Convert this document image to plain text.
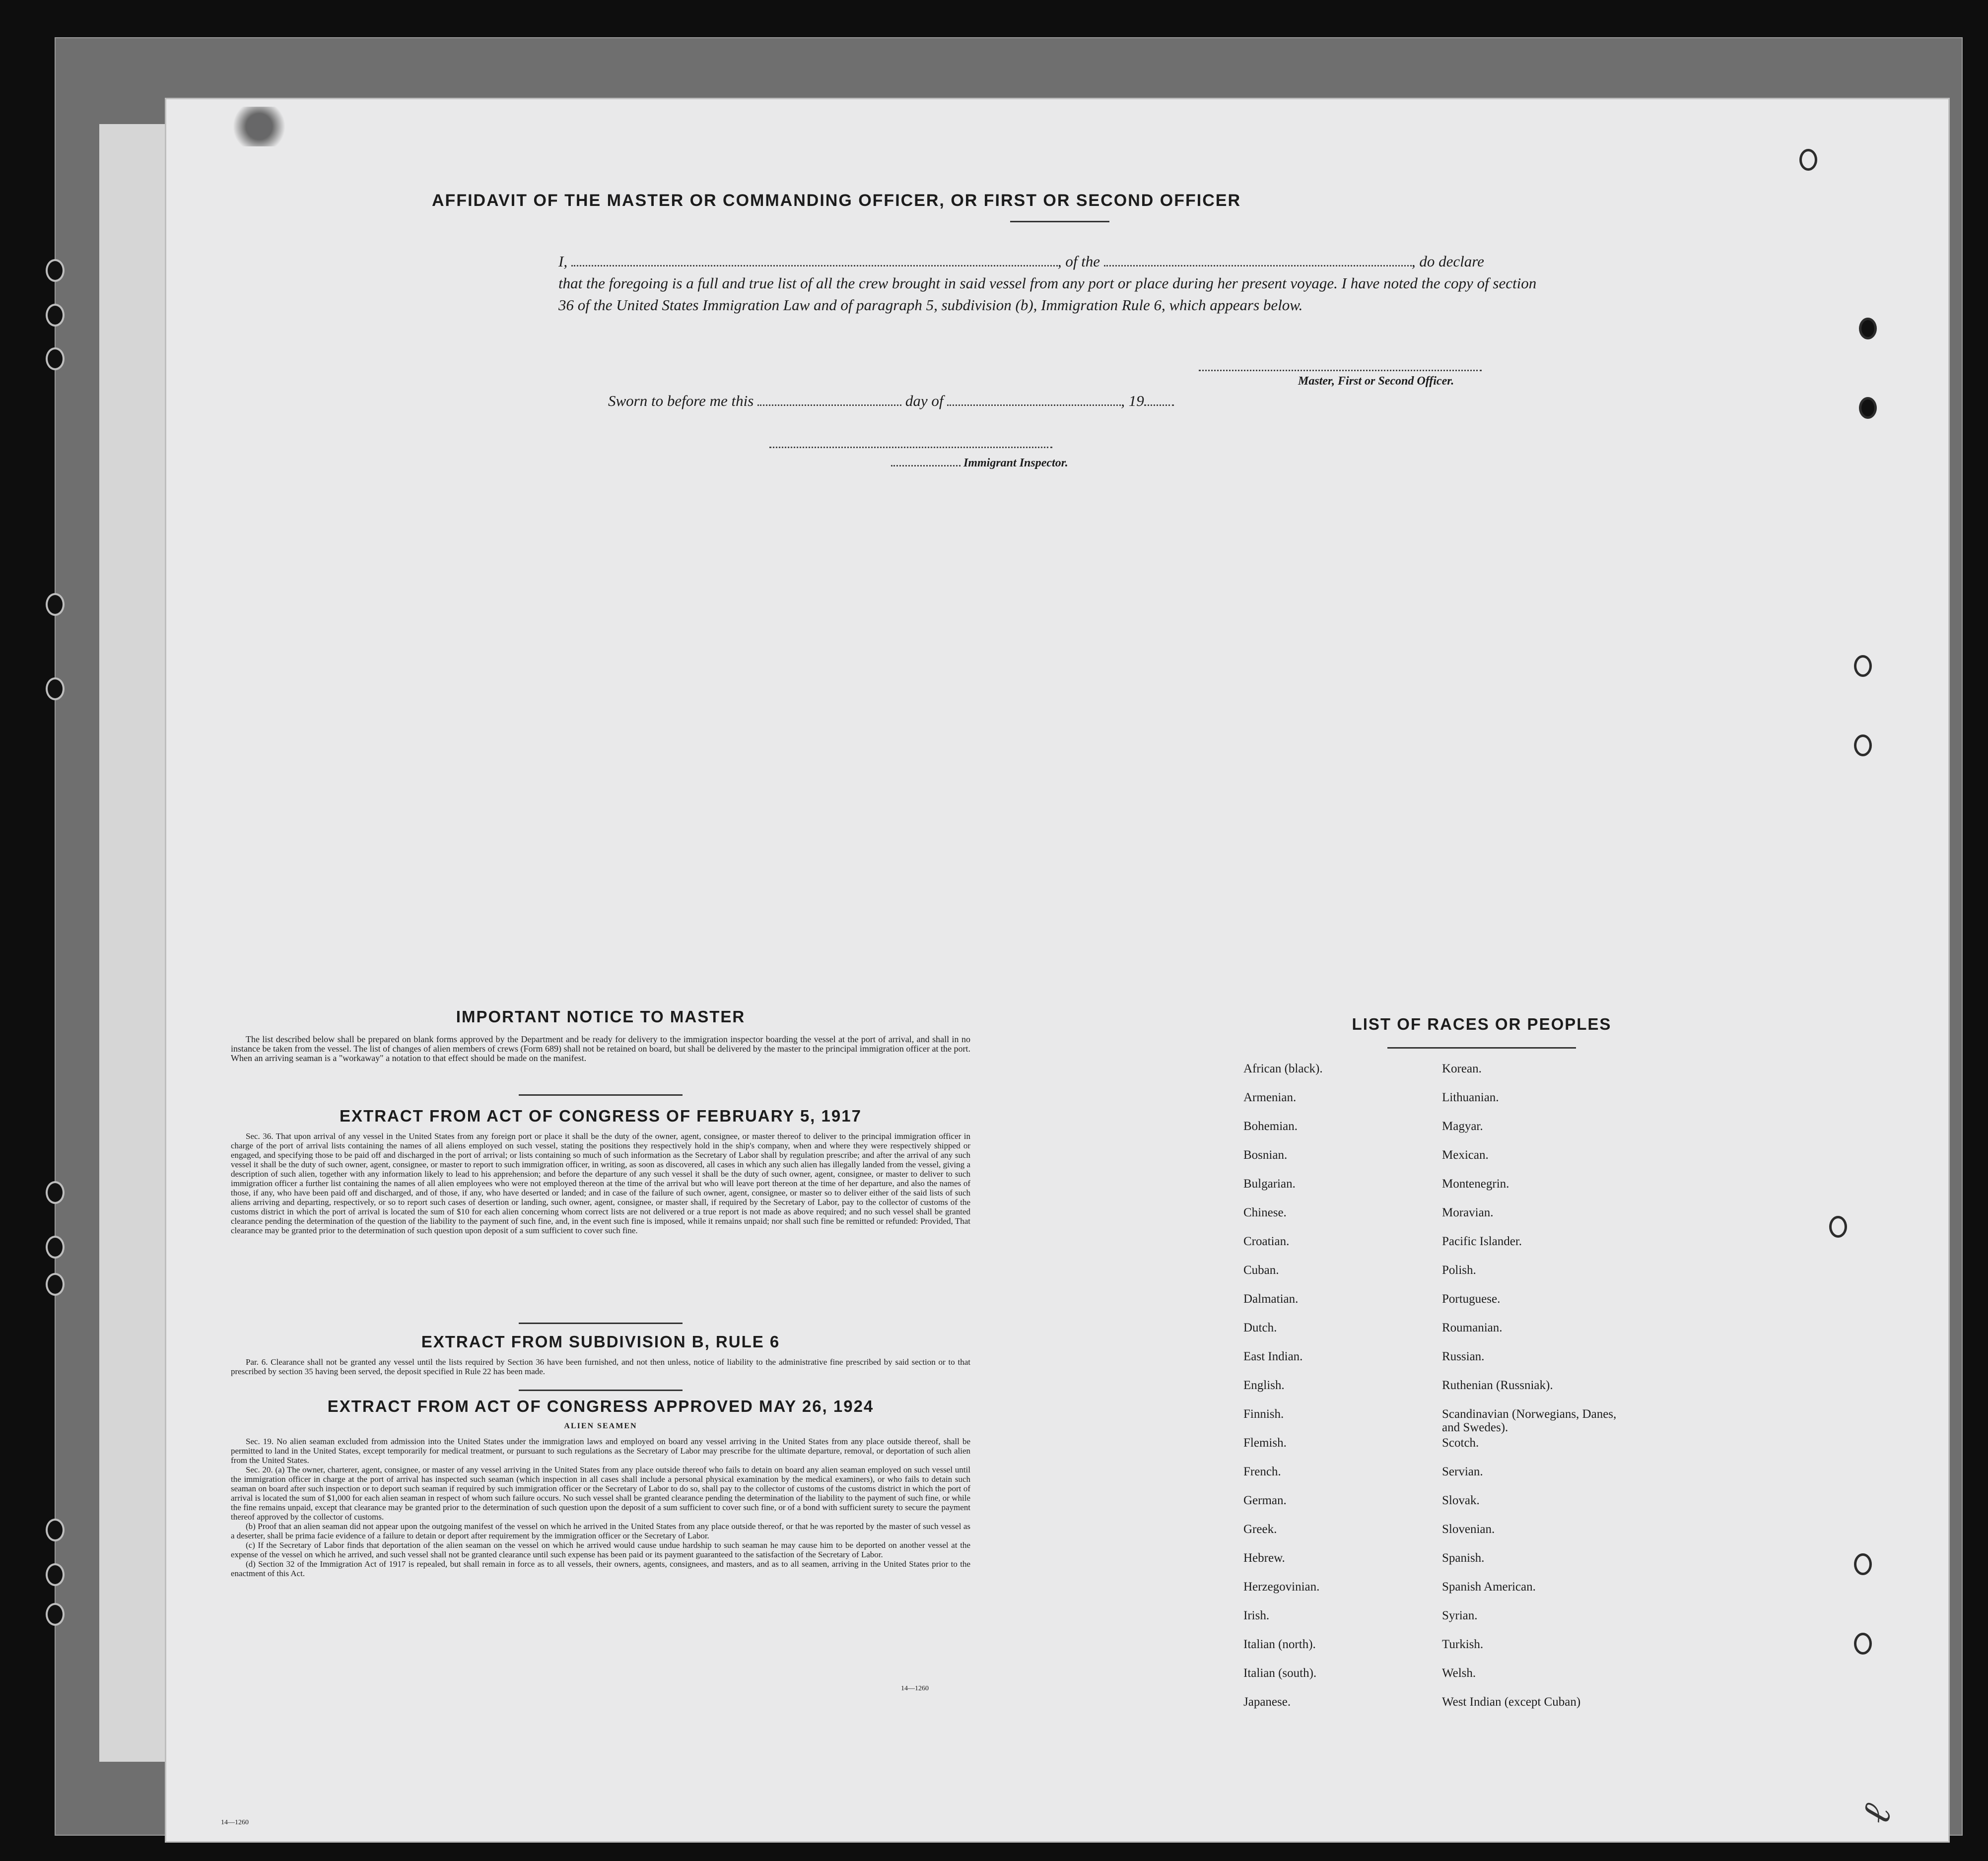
AFFIDAVIT OF THE MASTER OR COMMANDING OFFICER, OR FIRST OR SECOND OFFICER
I,	, of the	, do declare
that the foregoing is a full and true list of all the crew brought in said vessel from any port or place during her present voyage. I have noted the copy of section 36 of the United States Immigration Law and of paragraph 5, subdivision (b), Immigration Rule 6, which appears below.
Master, First or Second Officer.
Sworn to before me this	day of	, 19
Immigrant Inspector.
IMPORTANT NOTICE TO MASTER

The list described below shall be prepared on blank forms approved by the Department and be ready for delivery to the immigration inspector boarding the vessel at the port of arrival, and shall in no instance be taken from the vessel. The list of changes of alien members of crews (Form 689) shall not be retained on board, but shall be delivered by the master to the principal immigration officer at the port. When an arriving seaman is a "workaway" a notation to that effect should be made on the manifest.

EXTRACT FROM ACT OF CONGRESS OF FEBRUARY 5, 1917

Sec. 36. That upon arrival of any vessel in the United States from any foreign port or place it shall be the duty of the owner, agent, consignee, or master thereof to deliver to the principal immigration officer in charge of the port of arrival lists containing the names of all aliens employed on such vessel, stating the positions they respectively hold in the ship's company, when and where they were respectively shipped or engaged, and specifying those to be paid off and discharged in the port of arrival; or lists containing so much of such information as the Secretary of Labor shall by regulation prescribe; and after the arrival of any such vessel it shall be the duty of such owner, agent, consignee, or master to report to such immigration officer, in writing, as soon as discovered, all cases in which any such alien has illegally landed from the vessel, giving a description of such alien, together with any information likely to lead to his apprehension; and before the departure of any such vessel it shall be the duty of such owner, agent, consignee, or master to deliver to such immigration officer a further list containing the names of all alien employees who were not employed thereon at the time of the arrival but who will leave port thereon at the time of her departure, and also the names of those, if any, who have been paid off and discharged, and of those, if any, who have deserted or landed; and in case of the failure of such owner, agent, consignee, or master so to deliver either of the said lists of such aliens arriving and departing, respectively, or so to report such cases of desertion or landing, such owner, agent, consignee, or master shall, if required by the Secretary of Labor, pay to the collector of customs of the customs district in which the port of arrival is located the sum of $10 for each alien concerning whom correct lists are not delivered or a true report is not made as above required; and no such vessel shall be granted clearance pending the determination of the question of the liability to the payment of such fine, and, in the event such fine is imposed, while it remains unpaid; nor shall such fine be remitted or refunded: Provided, That clearance may be granted prior to the determination of such question upon deposit of a sum sufficient to cover such fine.

EXTRACT FROM SUBDIVISION B, RULE 6

Par. 6. Clearance shall not be granted any vessel until the lists required by Section 36 have been furnished, and not then unless, notice of liability to the administrative fine prescribed by said section or to that prescribed by section 35 having been served, the deposit specified in Rule 22 has been made.

EXTRACT FROM ACT OF CONGRESS APPROVED MAY 26, 1924
ALIEN SEAMEN

Sec. 19. No alien seaman excluded from admission into the United States under the immigration laws and employed on board any vessel arriving in the United States from any place outside thereof, shall be permitted to land in the United States, except temporarily for medical treatment, or pursuant to such regulations as the Secretary of Labor may prescribe for the ultimate departure, removal, or deportation of such alien from the United States.

Sec. 20. (a) The owner, charterer, agent, consignee, or master of any vessel arriving in the United States from any place outside thereof who fails to detain on board any alien seaman employed on such vessel until the immigration officer in charge at the port of arrival has inspected such seaman (which inspection in all cases shall include a personal physical examination by the medical examiners), or who fails to detain such seaman on board after such inspection or to deport such seaman if required by such immigration officer or the Secretary of Labor to do so, shall pay to the collector of customs of the customs district in which the port of arrival is located the sum of $1,000 for each alien seaman in respect of whom such failure occurs. No such vessel shall be granted clearance pending the determination of the liability to the payment of such fine, or while the fine remains unpaid, except that clearance may be granted prior to the determination of such question upon the deposit of a sum sufficient to cover such fine, or of a bond with sufficient surety to secure the payment thereof approved by the collector of customs.

(b) Proof that an alien seaman did not appear upon the outgoing manifest of the vessel on which he arrived in the United States from any place outside thereof, or that he was reported by the master of such vessel as a deserter, shall be prima facie evidence of a failure to detain or deport after requirement by the immigration officer or the Secretary of Labor.

(c) If the Secretary of Labor finds that deportation of the alien seaman on the vessel on which he arrived would cause undue hardship to such seaman he may cause him to be deported on another vessel at the expense of the vessel on which he arrived, and such vessel shall not be granted clearance until such expense has been paid or its payment guaranteed to the satisfaction of the Secretary of Labor.

(d) Section 32 of the Immigration Act of 1917 is repealed, but shall remain in force as to all vessels, their owners, agents, consignees, and masters, and as to all seamen, arriving in the United States prior to the enactment of this Act.

14—1260
14—1260
LIST OF RACES OR PEOPLES
African (black).
Armenian.
Bohemian.
Bosnian.
Bulgarian.
Chinese.
Croatian.
Cuban.
Dalmatian.
Dutch.
East Indian.
English.
Finnish.
Flemish.
French.
German.
Greek.
Hebrew.
Herzegovinian.
Irish.
Italian (north).
Italian (south).
Japanese.
Korean.
Lithuanian.
Magyar.
Mexican.
Montenegrin.
Moravian.
Pacific Islander.
Polish.
Portuguese.
Roumanian.
Russian.
Ruthenian (Russniak).
Scandinavian (Norwegians, Danes, and Swedes).
Scotch.
Servian.
Slovak.
Slovenian.
Spanish.
Spanish American.
Syrian.
Turkish.
Welsh.
West Indian (except Cuban)
ℓ
